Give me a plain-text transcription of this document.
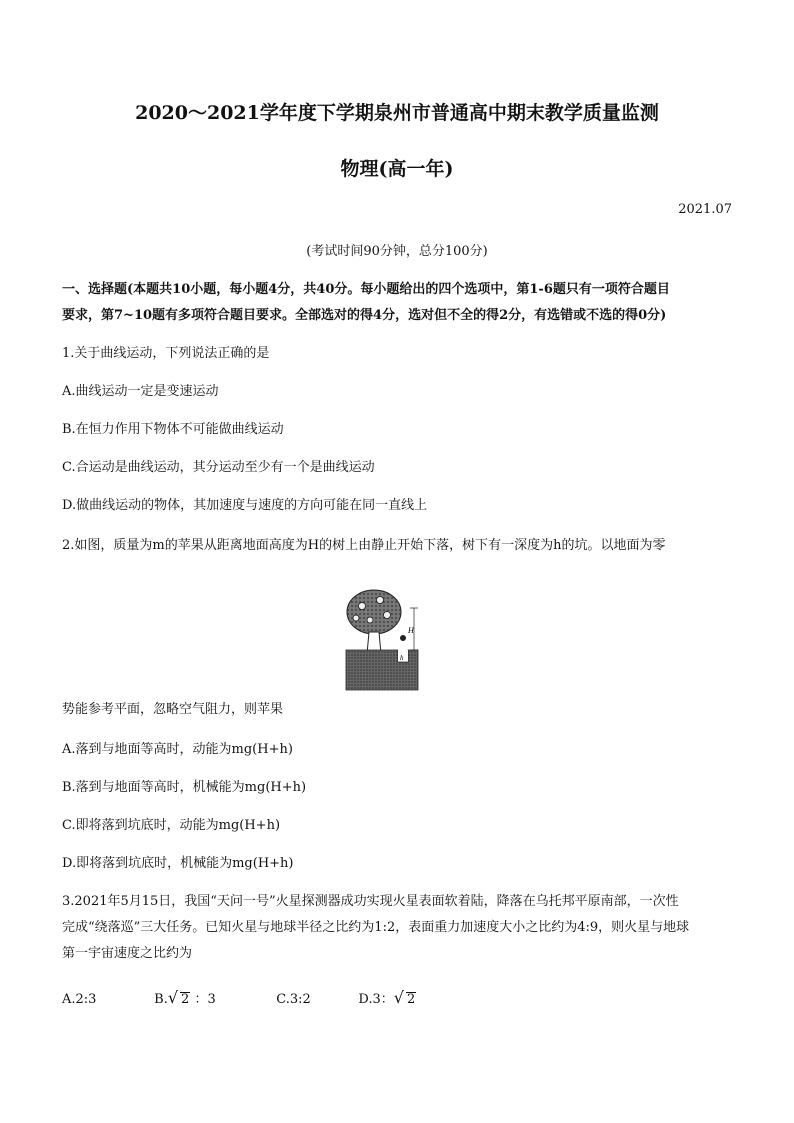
2020～2021学年度下学期泉州市普通高中期末教学质量监测
物理(高一年)
2021.07
(考试时间90分钟，总分100分)
一、选择题(本题共10小题，每小题4分，共40分。每小题给出的四个选项中，第1-6题只有一项符合题目
要求，第7~10题有多项符合题目要求。全部选对的得4分，选对但不全的得2分，有选错或不选的得0分)
1.关于曲线运动，下列说法正确的是
A.曲线运动一定是变速运动
B.在恒力作用下物体不可能做曲线运动
C.合运动是曲线运动，其分运动至少有一个是曲线运动
D.做曲线运动的物体，其加速度与速度的方向可能在同一直线上
2.如图，质量为m的苹果从距离地面高度为H的树上由静止开始下落，树下有一深度为h的坑。以地面为零
H
h
势能参考平面，忽略空气阻力，则苹果
A.落到与地面等高时，动能为mg(H+h)
B.落到与地面等高时，机械能为mg(H+h)
C.即将落到坑底时，动能为mg(H+h)
D.即将落到坑底时，机械能为mg(H+h)
3.2021年5月15日，我国“天问一号”火星探测器成功实现火星表面软着陆，降落在乌托邦平原南部，一次性
完成“绕落巡”三大任务。已知火星与地球半径之比约为1:2，表面重力加速度大小之比约为4:9，则火星与地球
第一宇宙速度之比约为
A.2:3	B.√ 2 ：3	C.3:2	D.3：√ 2
